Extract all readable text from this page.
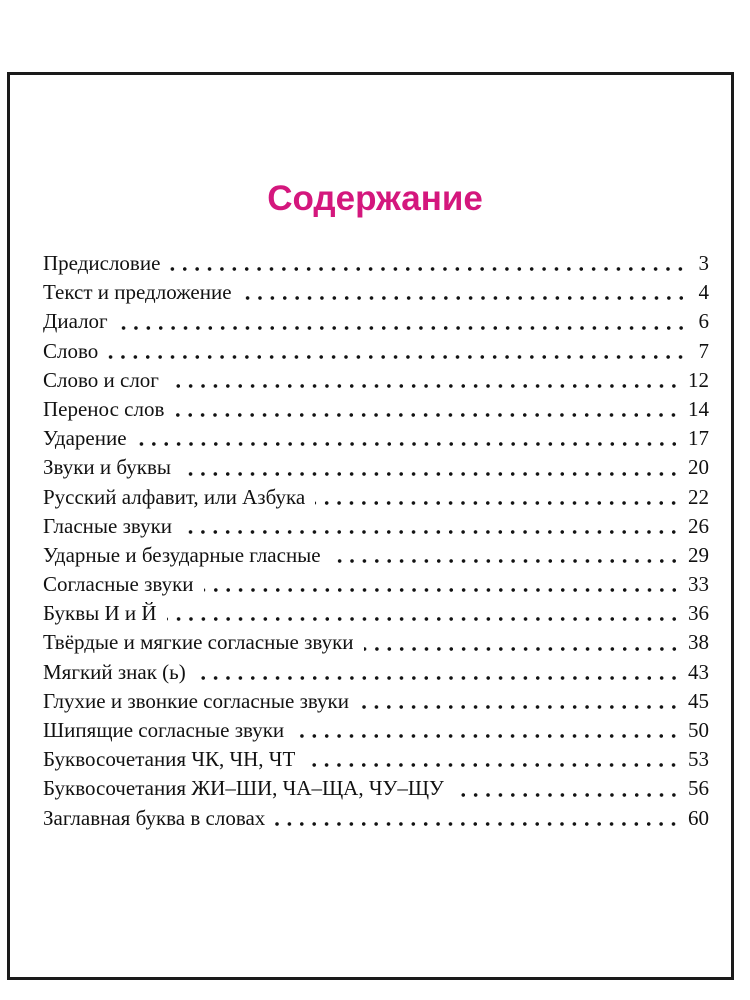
Содержание
Предисловие	3
Текст и предложение	4
Диалог	6
Слово	7
Слово и слог	12
Перенос слов	14
Ударение	17
Звуки и буквы	20
Русский алфавит, или Азбука	22
Гласные звуки	26
Ударные и безударные гласные	29
Согласные звуки	33
Буквы И и Й	36
Твёрдые и мягкие согласные звуки	38
Мягкий знак (ь)	43
Глухие и звонкие согласные звуки	45
Шипящие согласные звуки	50
Буквосочетания ЧК, ЧН, ЧТ	53
Буквосочетания ЖИ–ШИ, ЧА–ЩА, ЧУ–ЩУ	56
Заглавная буква в словах	60
